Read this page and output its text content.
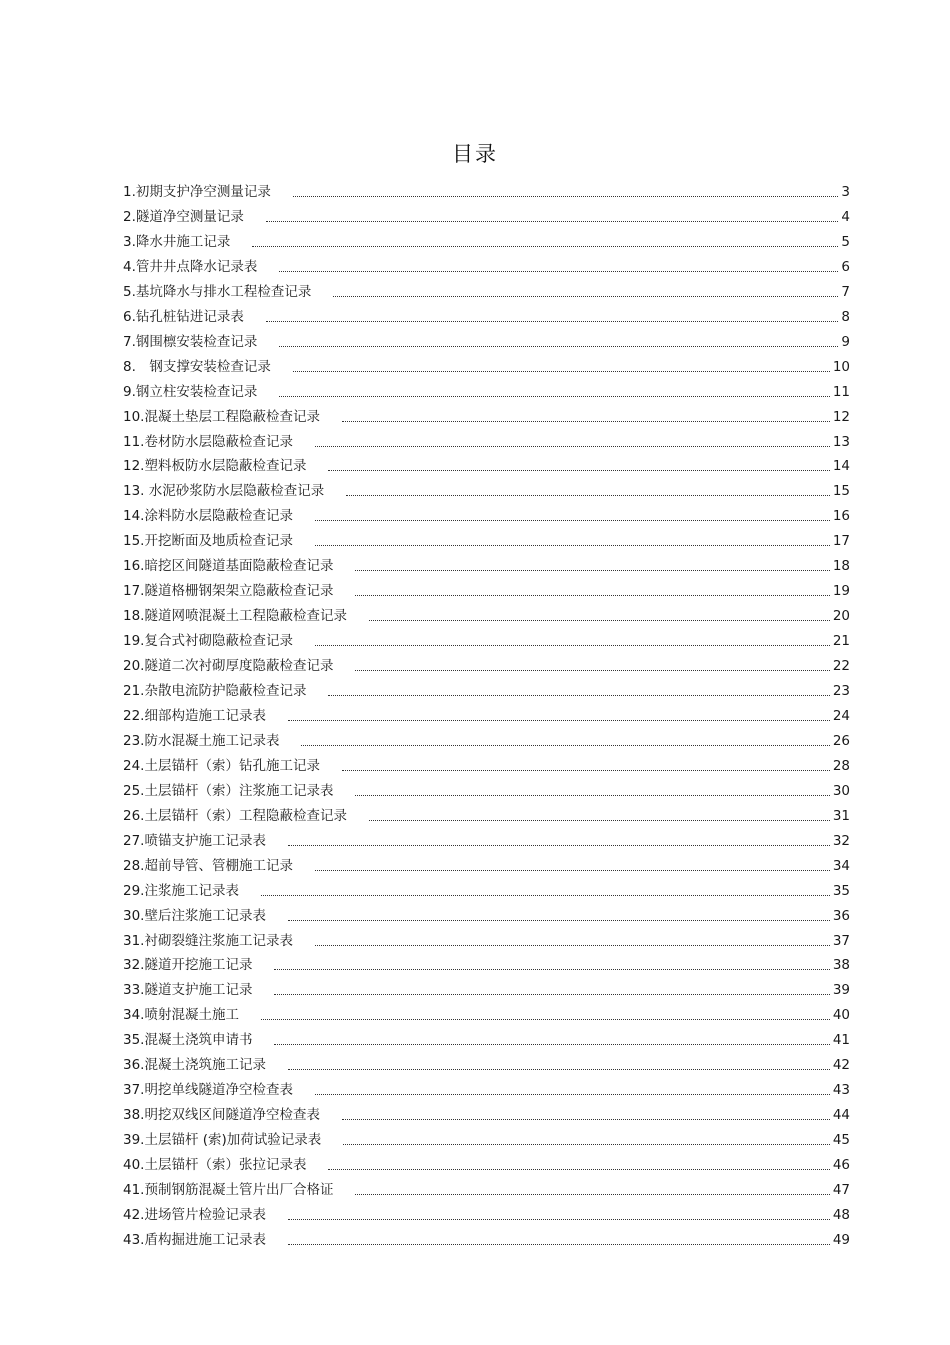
目录
1.初期支护净空测量记录	3
2.隧道净空测量记录	4
3.降水井施工记录	5
4.管井井点降水记录表	6
5.基坑降水与排水工程检查记录	7
6.钻孔桩钻进记录表	8
7.钢围檩安装检查记录	9
8.　钢支撑安装检查记录	10
9.钢立柱安装检查记录	11
10.混凝土垫层工程隐蔽检查记录	12
11.卷材防水层隐蔽检查记录	13
12.塑料板防水层隐蔽检查记录	14
13. 水泥砂浆防水层隐蔽检查记录	15
14.涂料防水层隐蔽检查记录	16
15.开挖断面及地质检查记录	17
16.暗挖区间隧道基面隐蔽检查记录	18
17.隧道格栅钢架架立隐蔽检查记录	19
18.隧道网喷混凝土工程隐蔽检查记录	20
19.复合式衬砌隐蔽检查记录	21
20.隧道二次衬砌厚度隐蔽检查记录	22
21.杂散电流防护隐蔽检查记录	23
22.细部构造施工记录表	24
23.防水混凝土施工记录表	26
24.土层锚杆（索）钻孔施工记录	28
25.土层锚杆（索）注浆施工记录表	30
26.土层锚杆（索）工程隐蔽检查记录	31
27.喷锚支护施工记录表	32
28.超前导管、管棚施工记录	34
29.注浆施工记录表	35
30.壁后注浆施工记录表	36
31.衬砌裂缝注浆施工记录表	37
32.隧道开挖施工记录	38
33.隧道支护施工记录	39
34.喷射混凝土施工	40
35.混凝土浇筑申请书	41
36.混凝土浇筑施工记录	42
37.明挖单线隧道净空检查表	43
38.明挖双线区间隧道净空检查表	44
39.土层锚杆 (索)加荷试验记录表	45
40.土层锚杆（索）张拉记录表	46
41.预制钢筋混凝土管片出厂合格证	47
42.进场管片检验记录表	48
43.盾构掘进施工记录表	49
